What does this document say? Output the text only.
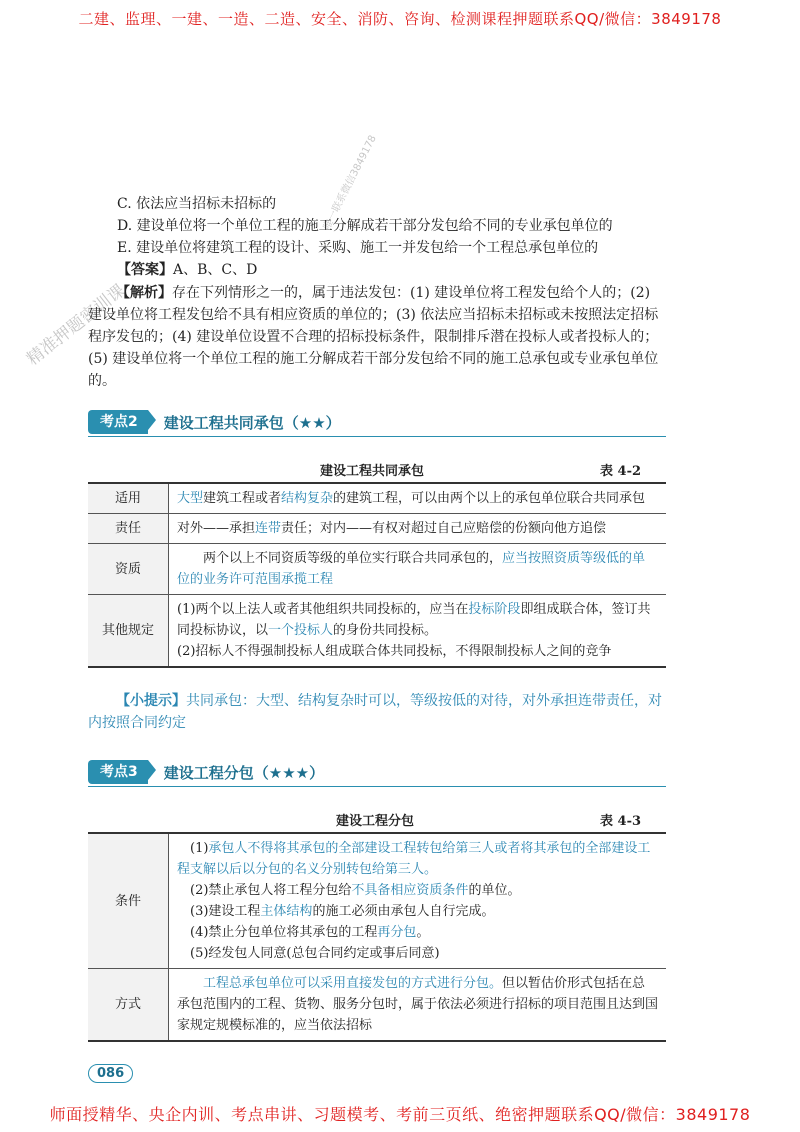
二建、监理、一建、一造、二造、安全、消防、咨询、检测课程押题联系QQ/微信：3849178
精准押题密训课
唯一联系微信3849178
C. 依法应当招标未招标的
D. 建设单位将一个单位工程的施工分解成若干部分发包给不同的专业承包单位的
E. 建设单位将建筑工程的设计、采购、施工一并发包给一个工程总承包单位的
【答案】A、B、C、D
【解析】存在下列情形之一的，属于违法发包：(1) 建设单位将工程发包给个人的；(2) 建设单位将工程发包给不具有相应资质的单位的；(3) 依法应当招标未招标或未按照法定招标程序发包的；(4) 建设单位设置不合理的招标投标条件，限制排斥潜在投标人或者投标人的；(5) 建设单位将一个单位工程的施工分解成若干部分发包给不同的施工总承包或专业承包单位的。
考点2	建设工程共同承包（★★）
建设工程共同承包	表 4-2
适用	大型建筑工程或者结构复杂的建筑工程，可以由两个以上的承包单位联合共同承包
责任	对外——承担连带责任；对内——有权对超过自己应赔偿的份额向他方追偿
资质	两个以上不同资质等级的单位实行联合共同承包的，应当按照资质等级低的单位的业务许可范围承揽工程
其他规定	(1)两个以上法人或者其他组织共同投标的，应当在投标阶段即组成联合体，签订共同投标协议，以一个投标人的身份共同投标。
(2)招标人不得强制投标人组成联合体共同投标，不得限制投标人之间的竞争
【小提示】共同承包：大型、结构复杂时可以，等级按低的对待，对外承担连带责任，对内按照合同约定
考点3	建设工程分包（★★★）
建设工程分包	表 4-3
条件	(1)承包人不得将其承包的全部建设工程转包给第三人或者将其承包的全部建设工程支解以后以分包的名义分别转包给第三人。
(2)禁止承包人将工程分包给不具备相应资质条件的单位。
(3)建设工程主体结构的施工必须由承包人自行完成。
(4)禁止分包单位将其承包的工程再分包。
(5)经发包人同意(总包合同约定或事后同意)

方式	工程总承包单位可以采用直接发包的方式进行分包。但以暂估价形式包括在总承包范围内的工程、货物、服务分包时，属于依法必须进行招标的项目范围且达到国家规定规模标准的，应当依法招标
086
师面授精华、央企内训、考点串讲、习题模考、考前三页纸、绝密押题联系QQ/微信：3849178
